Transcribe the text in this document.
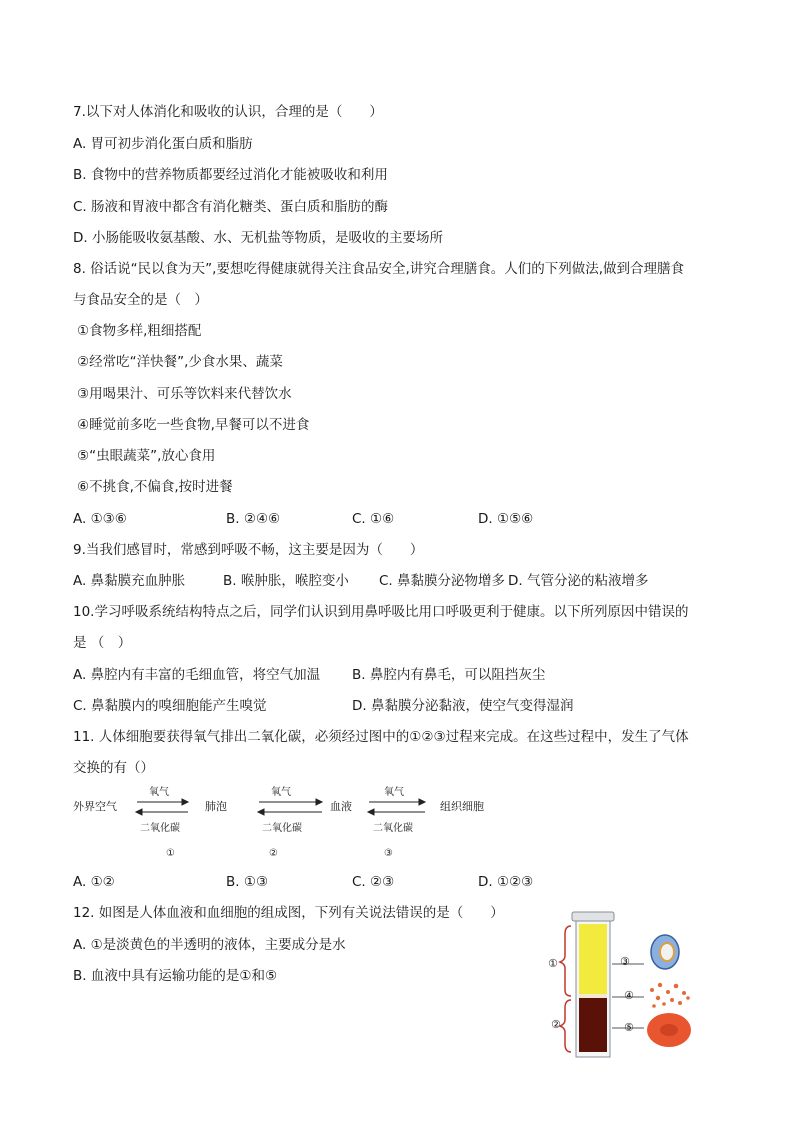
7.以下对人体消化和吸收的认识，合理的是（　　）
A. 胃可初步消化蛋白质和脂肪
B. 食物中的营养物质都要经过消化才能被吸收和利用
C. 肠液和胃液中都含有消化糖类、蛋白质和脂肪的酶
D. 小肠能吸收氨基酸、水、无机盐等物质，是吸收的主要场所
8. 俗话说“民以食为天”,要想吃得健康就得关注食品安全,讲究合理膳食。人们的下列做法,做到合理膳食
与食品安全的是（　）
①食物多样,粗细搭配
②经常吃“洋快餐”,少食水果、蔬菜
③用喝果汁、可乐等饮料来代替饮水
④睡觉前多吃一些食物,早餐可以不进食
⑤“虫眼蔬菜”,放心食用
⑥不挑食,不偏食,按时进餐
A. ①③⑥	B. ②④⑥	C. ①⑥	D. ①⑤⑥
9.当我们感冒时，常感到呼吸不畅，这主要是因为（　　）
A. 鼻黏膜充血肿胀	B. 喉肿胀，喉腔变小 C. 鼻黏膜分泌物增多 D. 气管分泌的粘液增多
10.学习呼吸系统结构特点之后，同学们认识到用鼻呼吸比用口呼吸更利于健康。以下所列原因中错误的
是 （　）
A. 鼻腔内有丰富的毛细血管，将空气加温 B. 鼻腔内有鼻毛，可以阻挡灰尘
C. 鼻黏膜内的嗅细胞能产生嗅觉	D. 鼻黏膜分泌黏液，使空气变得湿润
11. 人体细胞要获得氧气排出二氧化碳，必须经过图中的①②③过程来完成。在这些过程中，发生了气体
交换的有（）
外界空气	肺泡	血液	组织细胞
氧气	氧气	氧气
二氧化碳	二氧化碳	二氧化碳
①	②	③
A. ①②	B. ①③	C. ②③	D. ①②③
12. 如图是人体血液和血细胞的组成图，下列有关说法错误的是（　　）
A. ①是淡黄色的半透明的液体，主要成分是水
B. 血液中具有运输功能的是①和⑤
①
②
③
④
⑤
